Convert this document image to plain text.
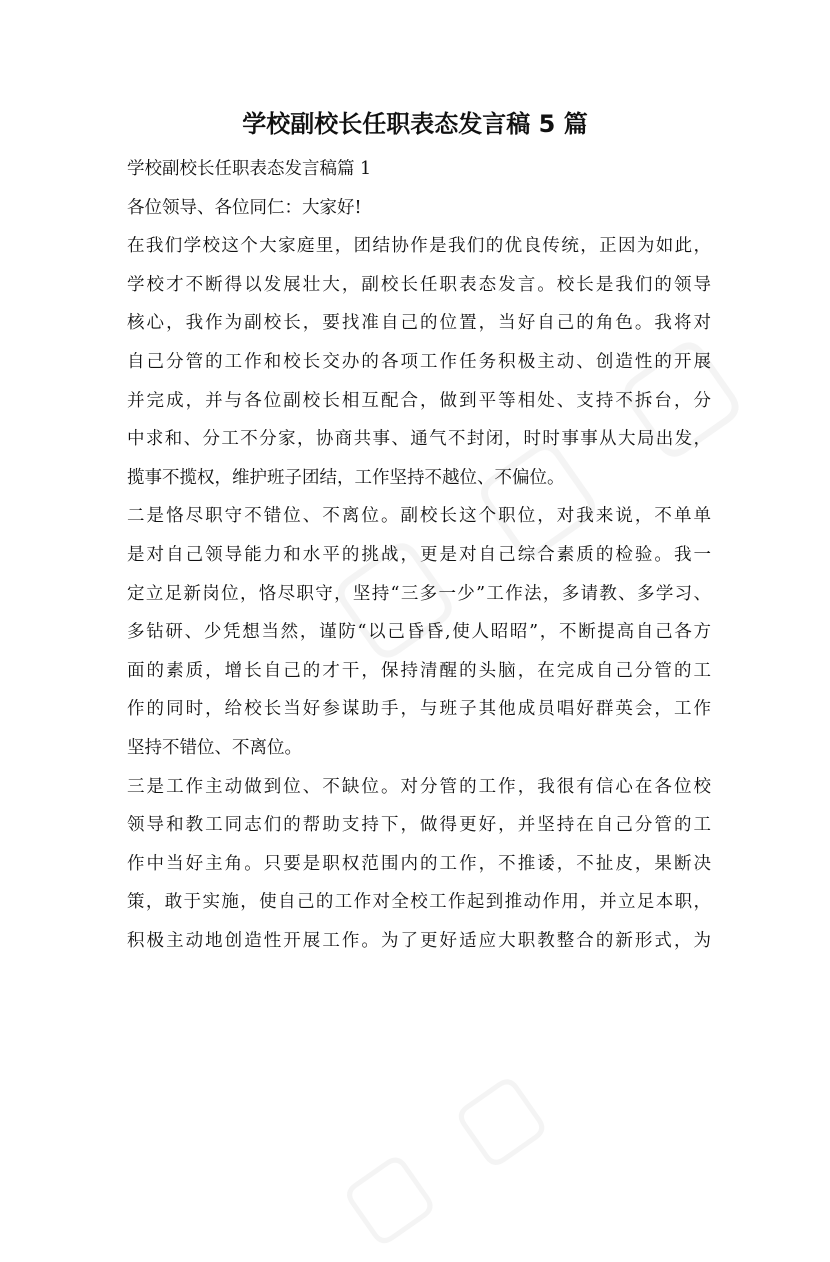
学校副校长任职表态发言稿 5 篇

学校副校长任职表态发言稿篇 1

各位领导、各位同仁：大家好!

在我们学校这个大家庭里，团结协作是我们的优良传统，正因为如此，

学校才不断得以发展壮大，副校长任职表态发言。校长是我们的领导

核心，我作为副校长，要找准自己的位置，当好自己的角色。我将对

自己分管的工作和校长交办的各项工作任务积极主动、创造性的开展

并完成，并与各位副校长相互配合，做到平等相处、支持不拆台，分

中求和、分工不分家，协商共事、通气不封闭，时时事事从大局出发，

揽事不揽权，维护班子团结，工作坚持不越位、不偏位。

二是恪尽职守不错位、不离位。副校长这个职位，对我来说，不单单

是对自己领导能力和水平的挑战，更是对自己综合素质的检验。我一

定立足新岗位，恪尽职守，坚持“三多一少”工作法，多请教、多学习、

多钻研、少凭想当然，谨防“以己昏昏,使人昭昭”，不断提高自己各方

面的素质，增长自己的才干，保持清醒的头脑，在完成自己分管的工

作的同时，给校长当好参谋助手，与班子其他成员唱好群英会，工作

坚持不错位、不离位。

三是工作主动做到位、不缺位。对分管的工作，我很有信心在各位校

领导和教工同志们的帮助支持下，做得更好，并坚持在自己分管的工

作中当好主角。只要是职权范围内的工作，不推诿，不扯皮，果断决

策，敢于实施，使自己的工作对全校工作起到推动作用，并立足本职，

积极主动地创造性开展工作。为了更好适应大职教整合的新形式，为
